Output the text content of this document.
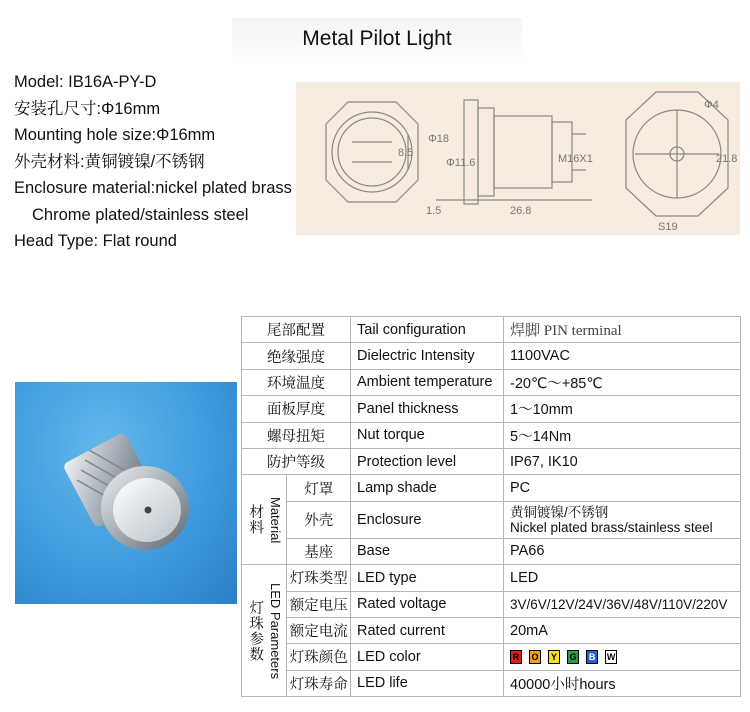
Metal Pilot Light
Model: IB16A-PY-D
安装孔尺寸:Φ16mm
Mounting hole size:Φ16mm
外壳材料:黄铜镀镍/不锈钢
Enclosure material:nickel plated brass
Chrome plated/stainless steel
Head Type: Flat round
8.5
Φ18
Φ11.6
1.5	26.8
M16X1
Φ4
S19
21.8
尾部配置		Tail configuration	焊脚 PIN terminal
绝缘强度		Dielectric Intensity	1100VAC
环境温度		Ambient temperature	-20℃～+85℃
面板厚度		Panel thickness	1～10mm
螺母扭矩		Nut torque	5～14Nm
防护等级		Protection level	IP67, IK10

材料 Material	灯罩	Lamp shade	PC
	外壳	Enclosure	黄铜镀镍/不锈钢
Nickel plated brass/stainless steel

	基座	Base	PA66

灯珠参数 LED Parameters	灯珠类型	LED type	LED
	额定电压	Rated voltage	3V/6V/12V/24V/36V/48V/110V/220V
	额定电流	Rated current	20mA
	灯珠颜色	LED color	R O Y G B W
	灯珠寿命	LED life	40000小时hours
